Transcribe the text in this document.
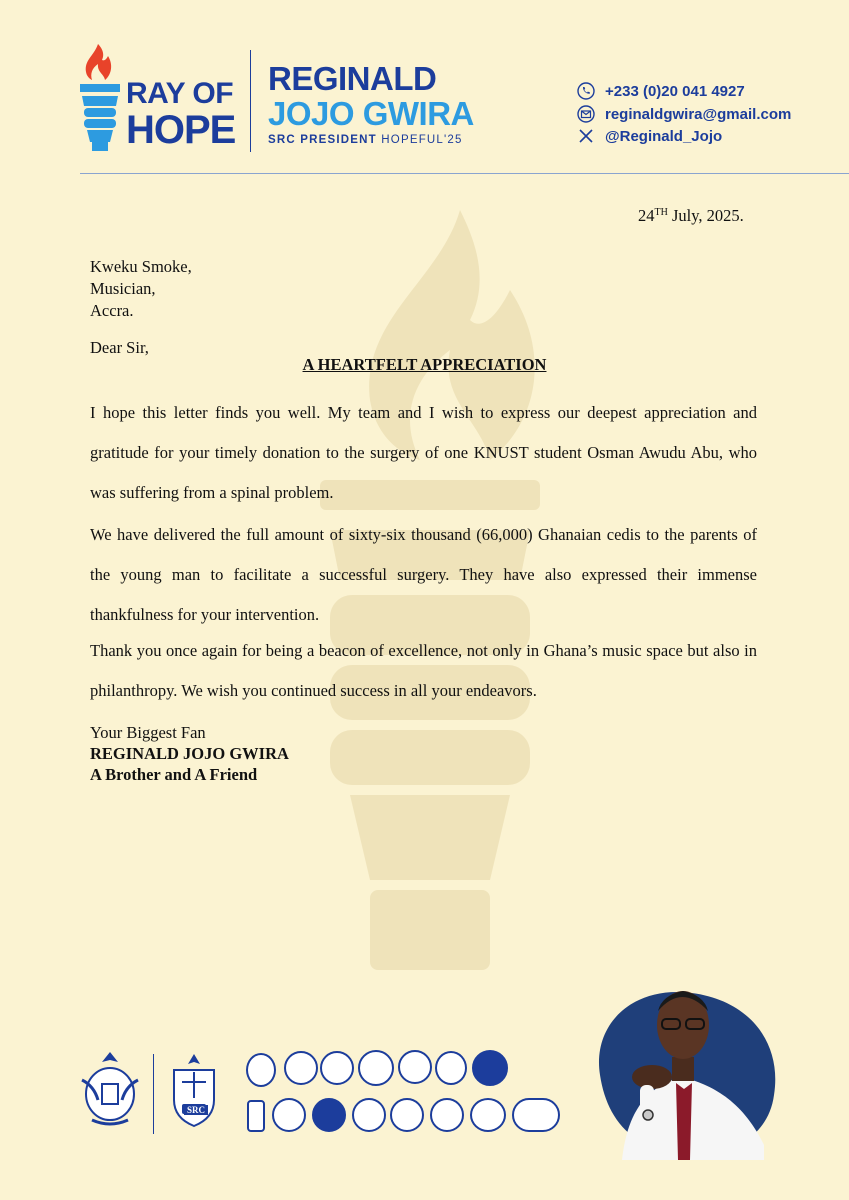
RAY OF
HOPE
REGINALD
JOJO GWIRA
SRC PRESIDENT HOPEFUL'25
+233 (0)20 041 4927
reginaldgwira@gmail.com
@Reginald_Jojo
24TH July, 2025.
Kweku Smoke,
Musician,
Accra.
Dear Sir,
A HEARTFELT APPRECIATION
I hope this letter finds you well. My team and I wish to express our deepest appreciation and gratitude for your timely donation to the surgery of one KNUST student Osman Awudu Abu, who was suffering from a spinal problem.
We have delivered the full amount of sixty-six thousand (66,000) Ghanaian cedis to the parents of the young man to facilitate a successful surgery. They have also expressed their immense thankfulness for your intervention.
Thank you once again for being a beacon of excellence, not only in Ghana’s music space but also in philanthropy. We wish you continued success in all your endeavors.
Your Biggest Fan
REGINALD JOJO GWIRA
A Brother and A Friend
SRC
